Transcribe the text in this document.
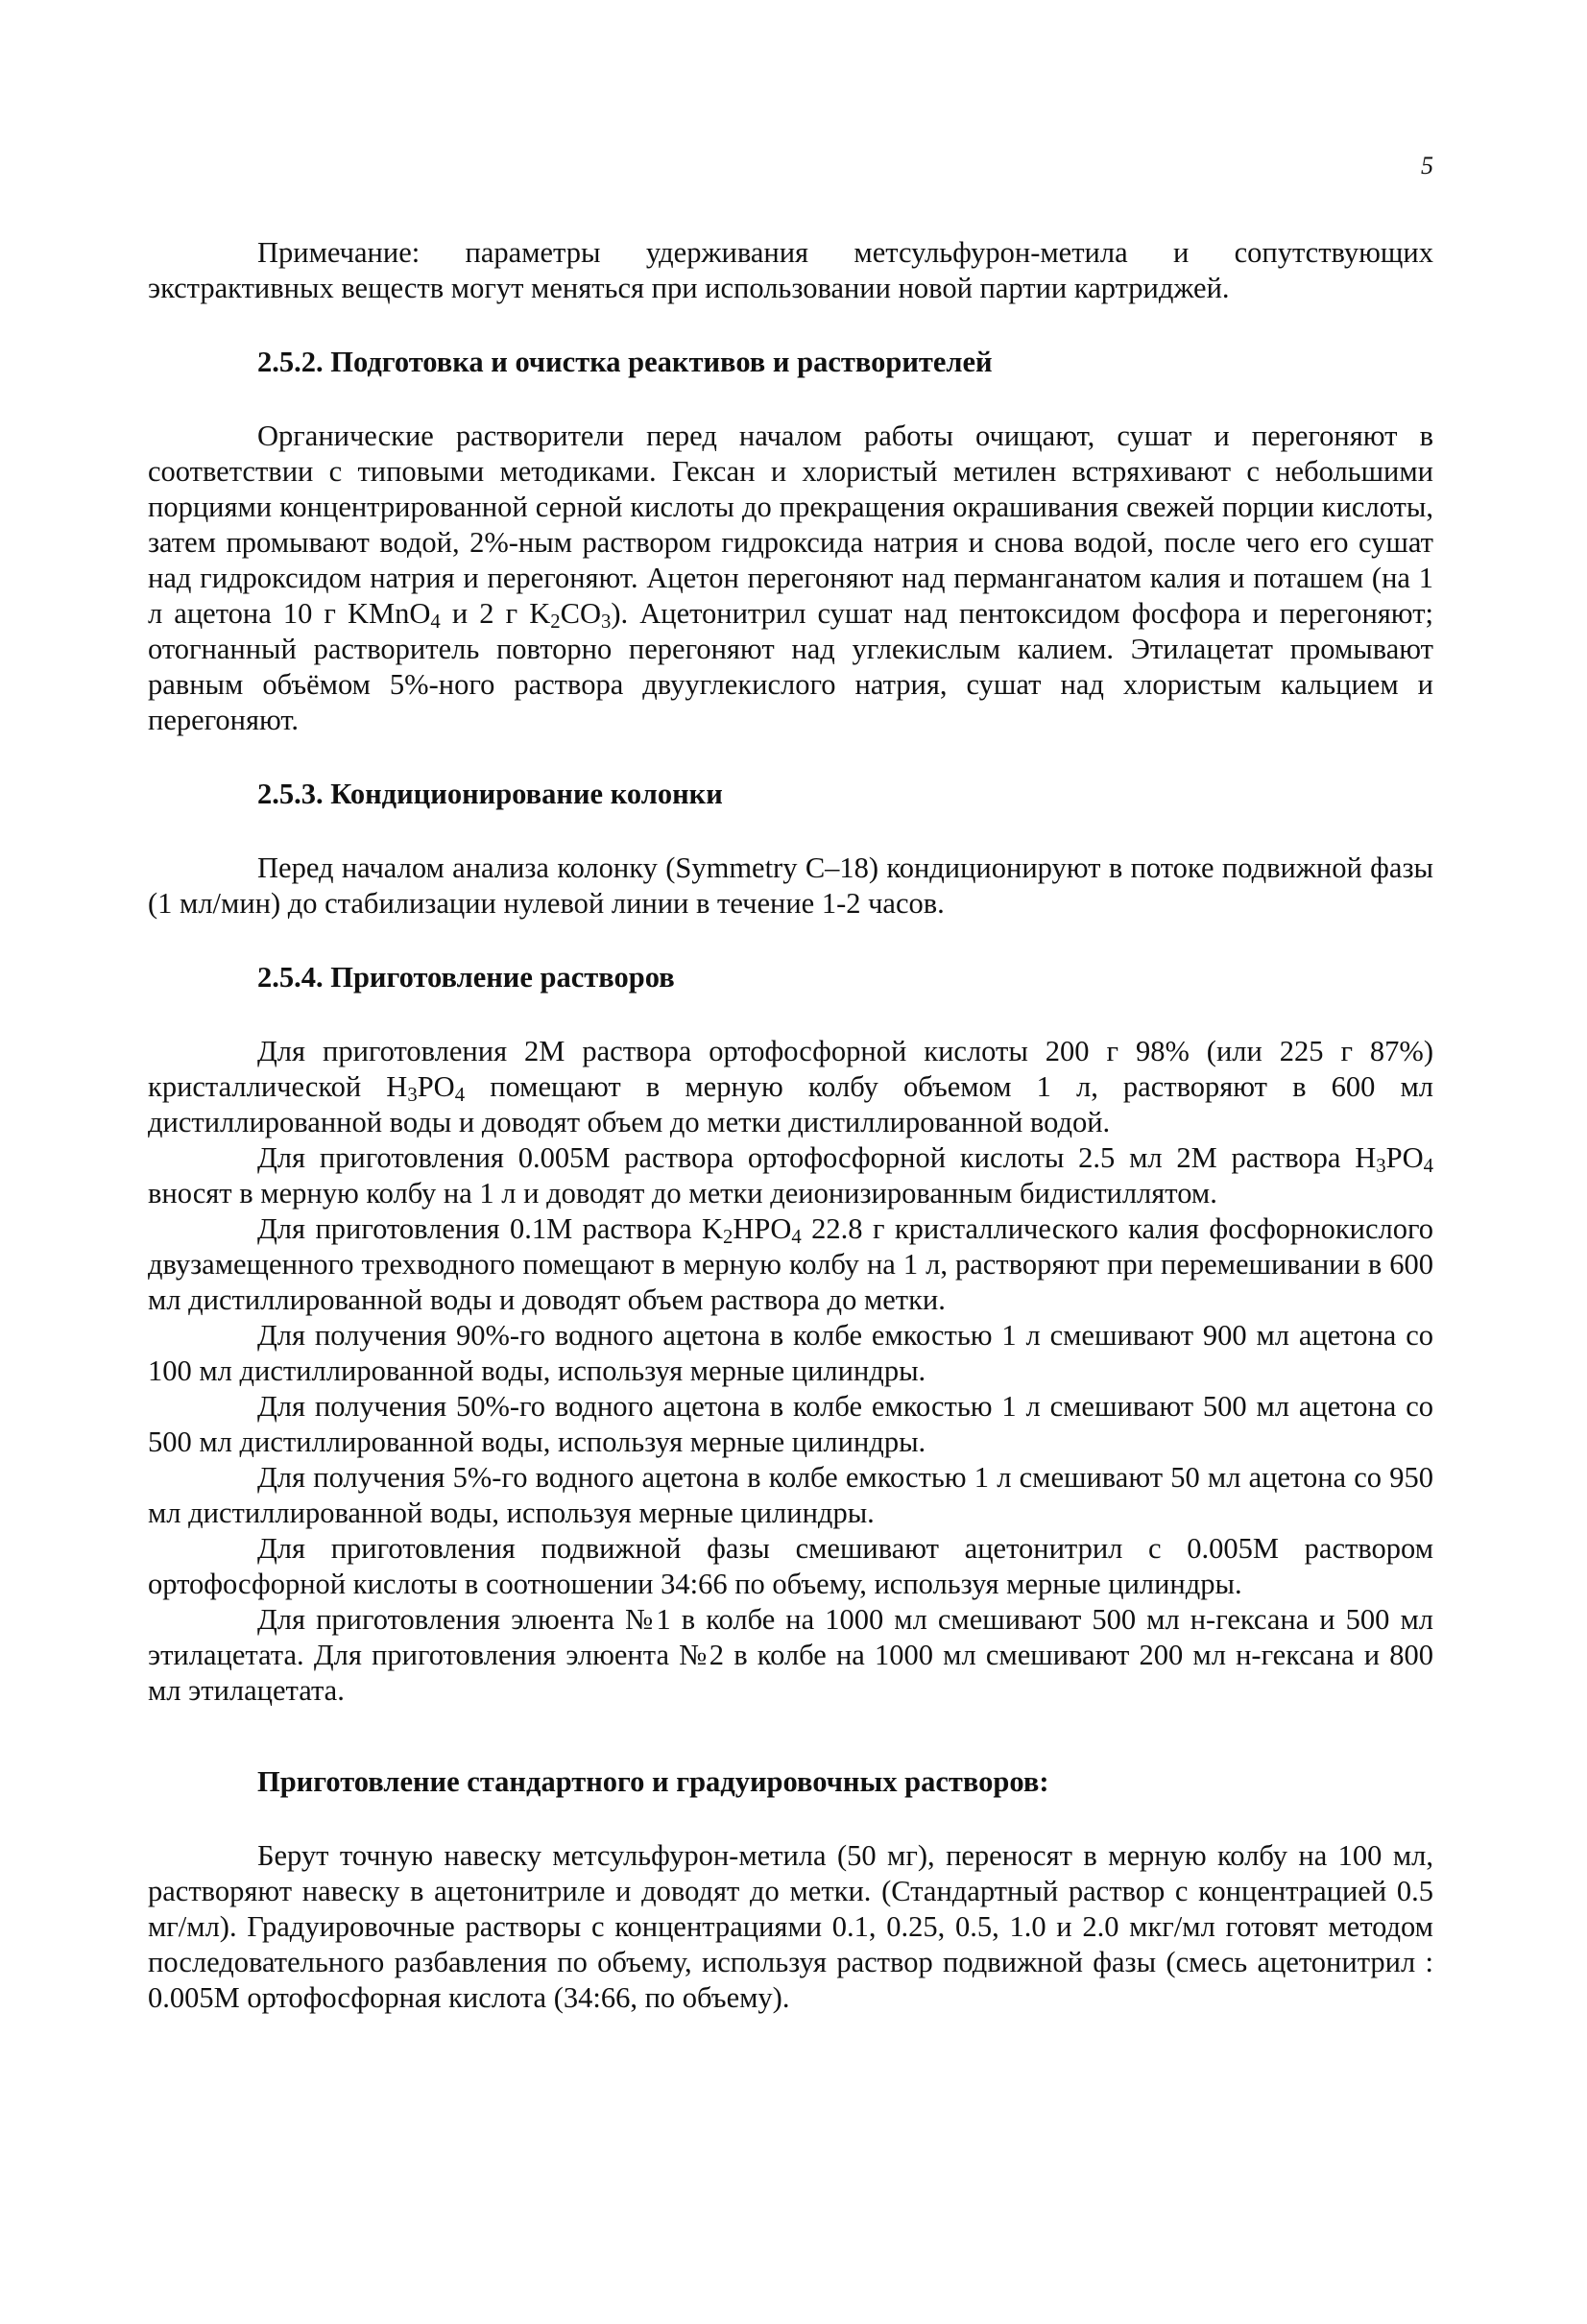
5

Примечание: параметры удерживания метсульфурон-метила и сопутствующих экстрактивных веществ могут меняться при использовании новой партии картриджей.

2.5.2. Подготовка и очистка реактивов и растворителей

Органические растворители перед началом работы очищают, сушат и перегоняют в соответствии с типовыми методиками. Гексан и хлористый метилен встряхивают с небольшими порциями концентрированной серной кислоты до прекращения окрашивания свежей порции кислоты, затем промывают водой, 2%-ным раствором гидроксида натрия и снова водой, после чего его сушат над гидроксидом натрия и перегоняют. Ацетон перегоняют над перманганатом калия и поташем (на 1 л ацетона 10 г KMnO$_4$ и 2 г $K_2CO_3$). Ацетонитрил сушат над пентоксидом фосфора и перегоняют; отогнанный растворитель повторно перегоняют над углекислым калием. Этилацетат промывают равным объёмом 5%-ного раствора двууглекислого натрия, сушат над хлористым кальцием и перегоняют.

2.5.3. Кондиционирование колонки

Перед началом анализа колонку (Symmetry C–18) кондиционируют в потоке подвижной фазы (1 мл/мин) до стабилизации нулевой линии в течение 1-2 часов.

2.5.4. Приготовление растворов

Для приготовления 2М раствора ортофосфорной кислоты 200 г 98% (или 225 г 87%) кристаллической $H_3PO_4$ помещают в мерную колбу объемом 1 л, растворяют в 600 мл дистиллированной воды и доводят объем до метки дистиллированной водой.

Для приготовления 0.005М раствора ортофосфорной кислоты 2.5 мл 2М раствора $H_3PO_4$ вносят в мерную колбу на 1 л и доводят до метки деионизированным бидистиллятом.

Для приготовления 0.1М раствора $K_2HPO_4$ 22.8 г кристаллического калия фосфорнокислого двузамещенного трехводного помещают в мерную колбу на 1 л, растворяют при перемешивании в 600 мл дистиллированной воды и доводят объем раствора до метки.

Для получения 90%-го водного ацетона в колбе емкостью 1 л смешивают 900 мл ацетона со 100 мл дистиллированной воды, используя мерные цилиндры.

Для получения 50%-го водного ацетона в колбе емкостью 1 л смешивают 500 мл ацетона со 500 мл дистиллированной воды, используя мерные цилиндры.

Для получения 5%-го водного ацетона в колбе емкостью 1 л смешивают 50 мл ацетона со 950 мл дистиллированной воды, используя мерные цилиндры.

Для приготовления подвижной фазы смешивают ацетонитрил с 0.005М раствором ортофосфорной кислоты в соотношении 34:66 по объему, используя мерные цилиндры.

Для приготовления элюента №1 в колбе на 1000 мл смешивают 500 мл н-гексана и 500 мл этилацетата. Для приготовления элюента №2 в колбе на 1000 мл смешивают 200 мл н-гексана и 800 мл этилацетата.

Приготовление стандартного и градуировочных растворов:

Берут точную навеску метсульфурон-метила (50 мг), переносят в мерную колбу на 100 мл, растворяют навеску в ацетонитриле и доводят до метки. (Стандартный раствор с концентрацией 0.5 мг/мл). Градуировочные растворы с концентрациями 0.1, 0.25, 0.5, 1.0 и 2.0 мкг/мл готовят методом последовательного разбавления по объему, используя раствор подвижной фазы (смесь ацетонитрил : 0.005М ортофосфорная кислота (34:66, по объему).
